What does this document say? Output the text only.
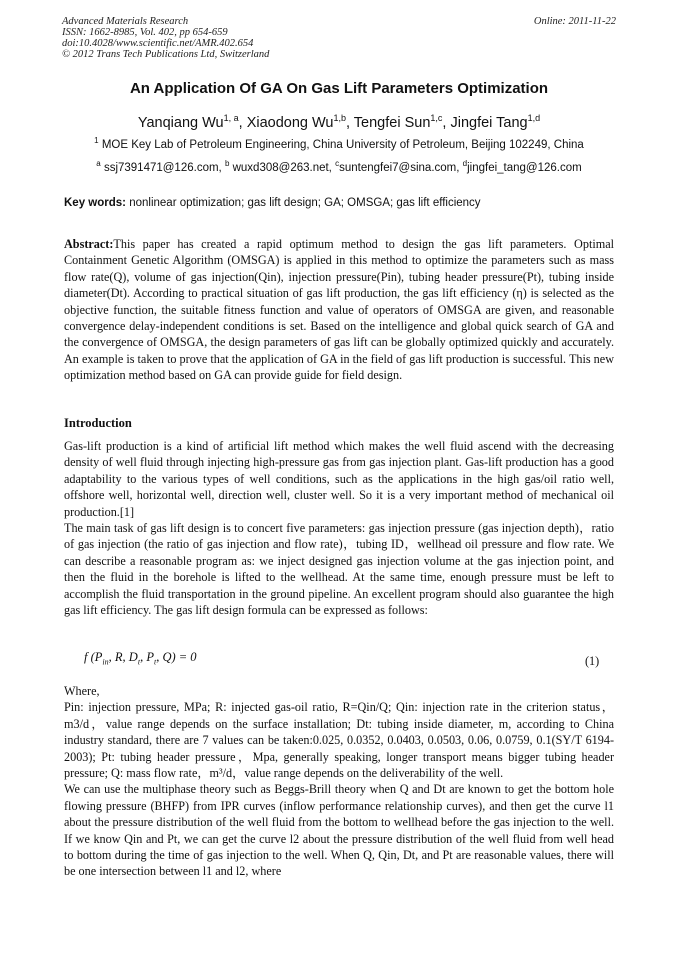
Advanced Materials Research
ISSN: 1662-8985, Vol. 402, pp 654-659
doi:10.4028/www.scientific.net/AMR.402.654
© 2012 Trans Tech Publications Ltd, Switzerland
Online: 2011-11-22
An Application Of GA On Gas Lift Parameters Optimization
Yanqiang Wu$^{1, a}$, Xiaodong Wu$^{1,b}$, Tengfei Sun$^{1,c}$, Jingfei Tang$^{1,d}$
$^1$ MOE Key Lab of Petroleum Engineering, China University of Petroleum, Beijing 102249, China
$^a$ ssj7391471@126.com, $^b$ wuxd308@263.net, $^c$suntengfei7@sina.com, $^d$jingfei_tang@126.com
Key words: nonlinear optimization; gas lift design; GA; OMSGA; gas lift efficiency

Abstract:This paper has created a rapid optimum method to design the gas lift parameters. Optimal Containment Genetic Algorithm (OMSGA) is applied in this method to optimize the parameters such as mass flow rate(Q), volume of gas injection(Qin), injection pressure(Pin), tubing header pressure(Pt), tubing inside diameter(Dt). According to practical situation of gas lift production, the gas lift efficiency (η) is selected as the objective function, the suitable fitness function and value of operators of OMSGA are given, and reasonable convergence delay-independent conditions is set. Based on the intelligence and global quick search of GA and the convergence of OMSGA, the design parameters of gas lift can be globally optimized quickly and accurately. An example is taken to prove that the application of GA in the field of gas lift production is successful. This new optimization method based on GA can provide guide for field design.

Introduction

Gas-lift production is a kind of artificial lift method which makes the well fluid ascend with the decreasing density of well fluid through injecting high-pressure gas from gas injection plant. Gas-lift production has a good adaptability to the various types of well conditions, such as the applications in the high gas/oil ratio well, offshore well, horizontal well, direction well, cluster well. So it is a very important method of mechanical oil production.[1]

The main task of gas lift design is to concert five parameters: gas injection pressure (gas injection depth)，ratio of gas injection (the ratio of gas injection and flow rate)，tubing ID，wellhead oil pressure and flow rate. We can describe a reasonable program as: we inject designed gas injection volume at the gas injection point, and then the fluid in the borehole is lifted to the wellhead. At the same time, enough pressure must be left to accomplish the fluid transportation in the ground pipeline. An excellent program should also guarantee the high gas lift efficiency. The gas lift design formula can be expressed as follows:

f ($P_{in}$, R, $D_t$, $P_t$, Q) = 0	(1)

Where,

Pin: injection pressure, MPa; R: injected gas-oil ratio, R=Qin/Q; Qin: injection rate in the criterion status，m3/d，value range depends on the surface installation; Dt: tubing inside diameter, m, according to China industry standard, there are 7 values can be taken:0.025, 0.0352, 0.0403, 0.0503, 0.06, 0.0759, 0.1(SY/T 6194-2003); Pt: tubing header pressure，Mpa, generally speaking, longer transport means bigger tubing header pressure; Q: mass flow rate，m³/d，value range depends on the deliverability of the well.

We can use the multiphase theory such as Beggs-Brill theory when Q and Dt are known to get the bottom hole flowing pressure (BHFP) from IPR curves (inflow performance relationship curves), and then get the curve l1 about the pressure distribution of the well fluid from the bottom to wellhead before the gas injection to the well. If we know Qin and Pt, we can get the curve l2 about the pressure distribution of the well fluid from well head to bottom during the time of gas injection to the well. When Q, Qin, Dt, and Pt are reasonable values, there will be one intersection between l1 and l2, where
